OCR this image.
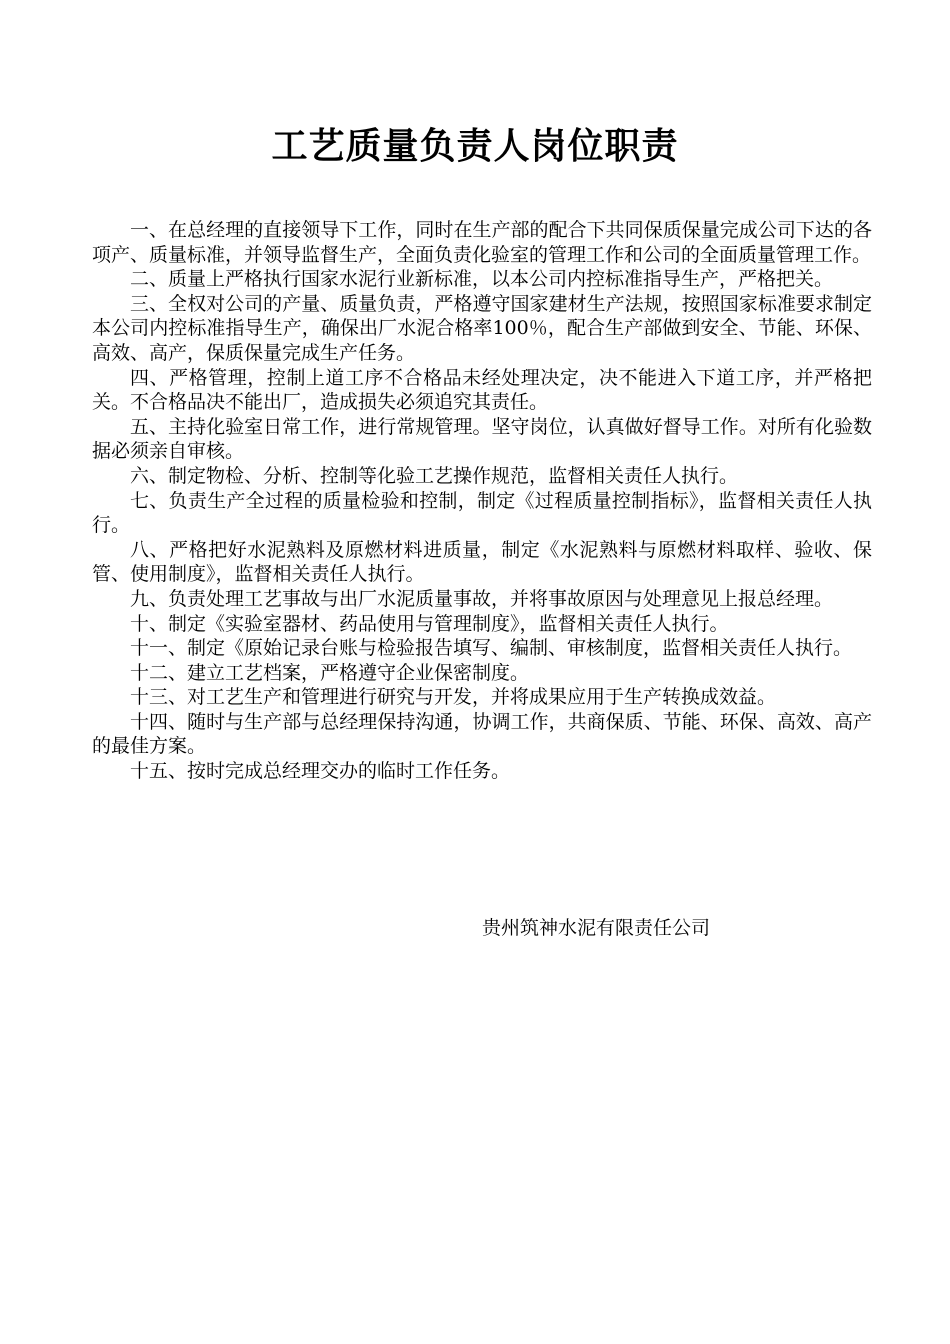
工艺质量负责人岗位职责

一、在总经理的直接领导下工作，同时在生产部的配合下共同保质保量完成公司下达的各项产、质量标准，并领导监督生产，全面负责化验室的管理工作和公司的全面质量管理工作。

二、质量上严格执行国家水泥行业新标准，以本公司内控标准指导生产，严格把关。

三、全权对公司的产量、质量负责，严格遵守国家建材生产法规，按照国家标准要求制定本公司内控标准指导生产，确保出厂水泥合格率100％，配合生产部做到安全、节能、环保、高效、高产，保质保量完成生产任务。

四、严格管理，控制上道工序不合格品未经处理决定，决不能进入下道工序，并严格把关。不合格品决不能出厂，造成损失必须追究其责任。

五、主持化验室日常工作，进行常规管理。坚守岗位，认真做好督导工作。对所有化验数据必须亲自审核。

六、制定物检、分析、控制等化验工艺操作规范，监督相关责任人执行。

七、负责生产全过程的质量检验和控制，制定《过程质量控制指标》，监督相关责任人执行。

八、严格把好水泥熟料及原燃材料进质量，制定《水泥熟料与原燃材料取样、验收、保管、使用制度》，监督相关责任人执行。

九、负责处理工艺事故与出厂水泥质量事故，并将事故原因与处理意见上报总经理。

十、制定《实验室器材、药品使用与管理制度》，监督相关责任人执行。

十一、制定《原始记录台账与检验报告填写、编制、审核制度，监督相关责任人执行。

十二、建立工艺档案，严格遵守企业保密制度。

十三、对工艺生产和管理进行研究与开发，并将成果应用于生产转换成效益。

十四、随时与生产部与总经理保持沟通，协调工作，共商保质、节能、环保、高效、高产的最佳方案。

十五、按时完成总经理交办的临时工作任务。

贵州筑神水泥有限责任公司
